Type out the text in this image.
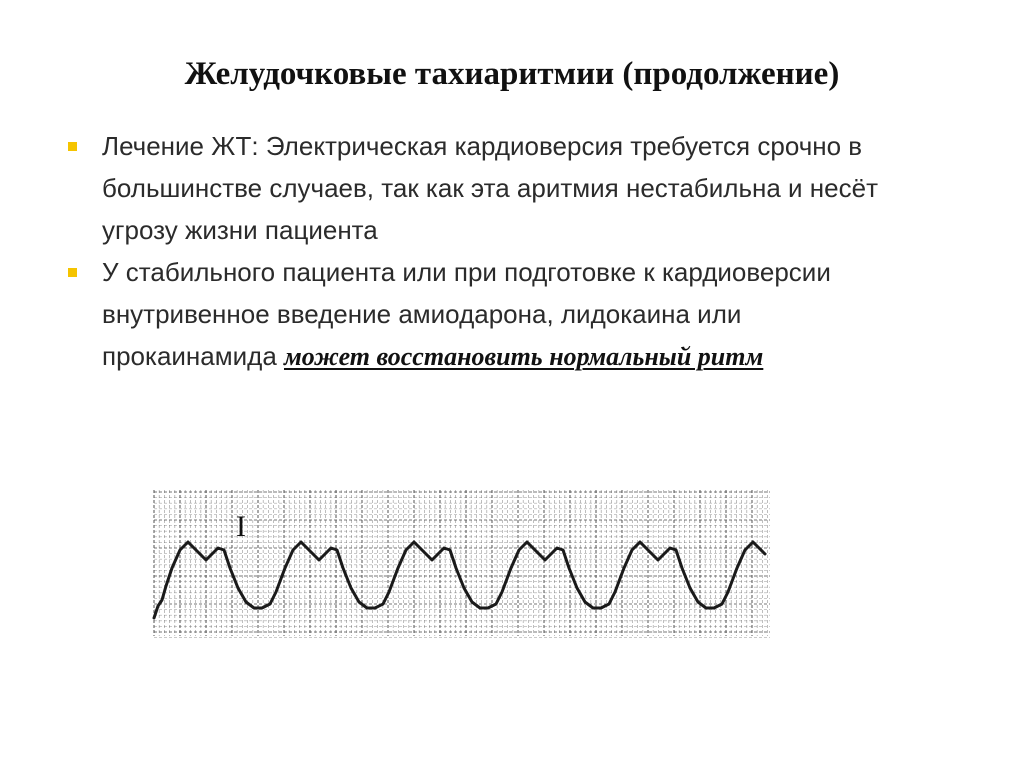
Желудочковые тахиаритмии (продолжение)
Лечение ЖТ: Электрическая кардиоверсия требуется срочно в большинстве случаев, так как эта аритмия нестабильна и несёт угрозу жизни пациента
У стабильного пациента или при подготовке к кардиоверсии внутривенное введение амиодарона, лидокаина или прокаинамида может восстановить нормальный ритм
I
